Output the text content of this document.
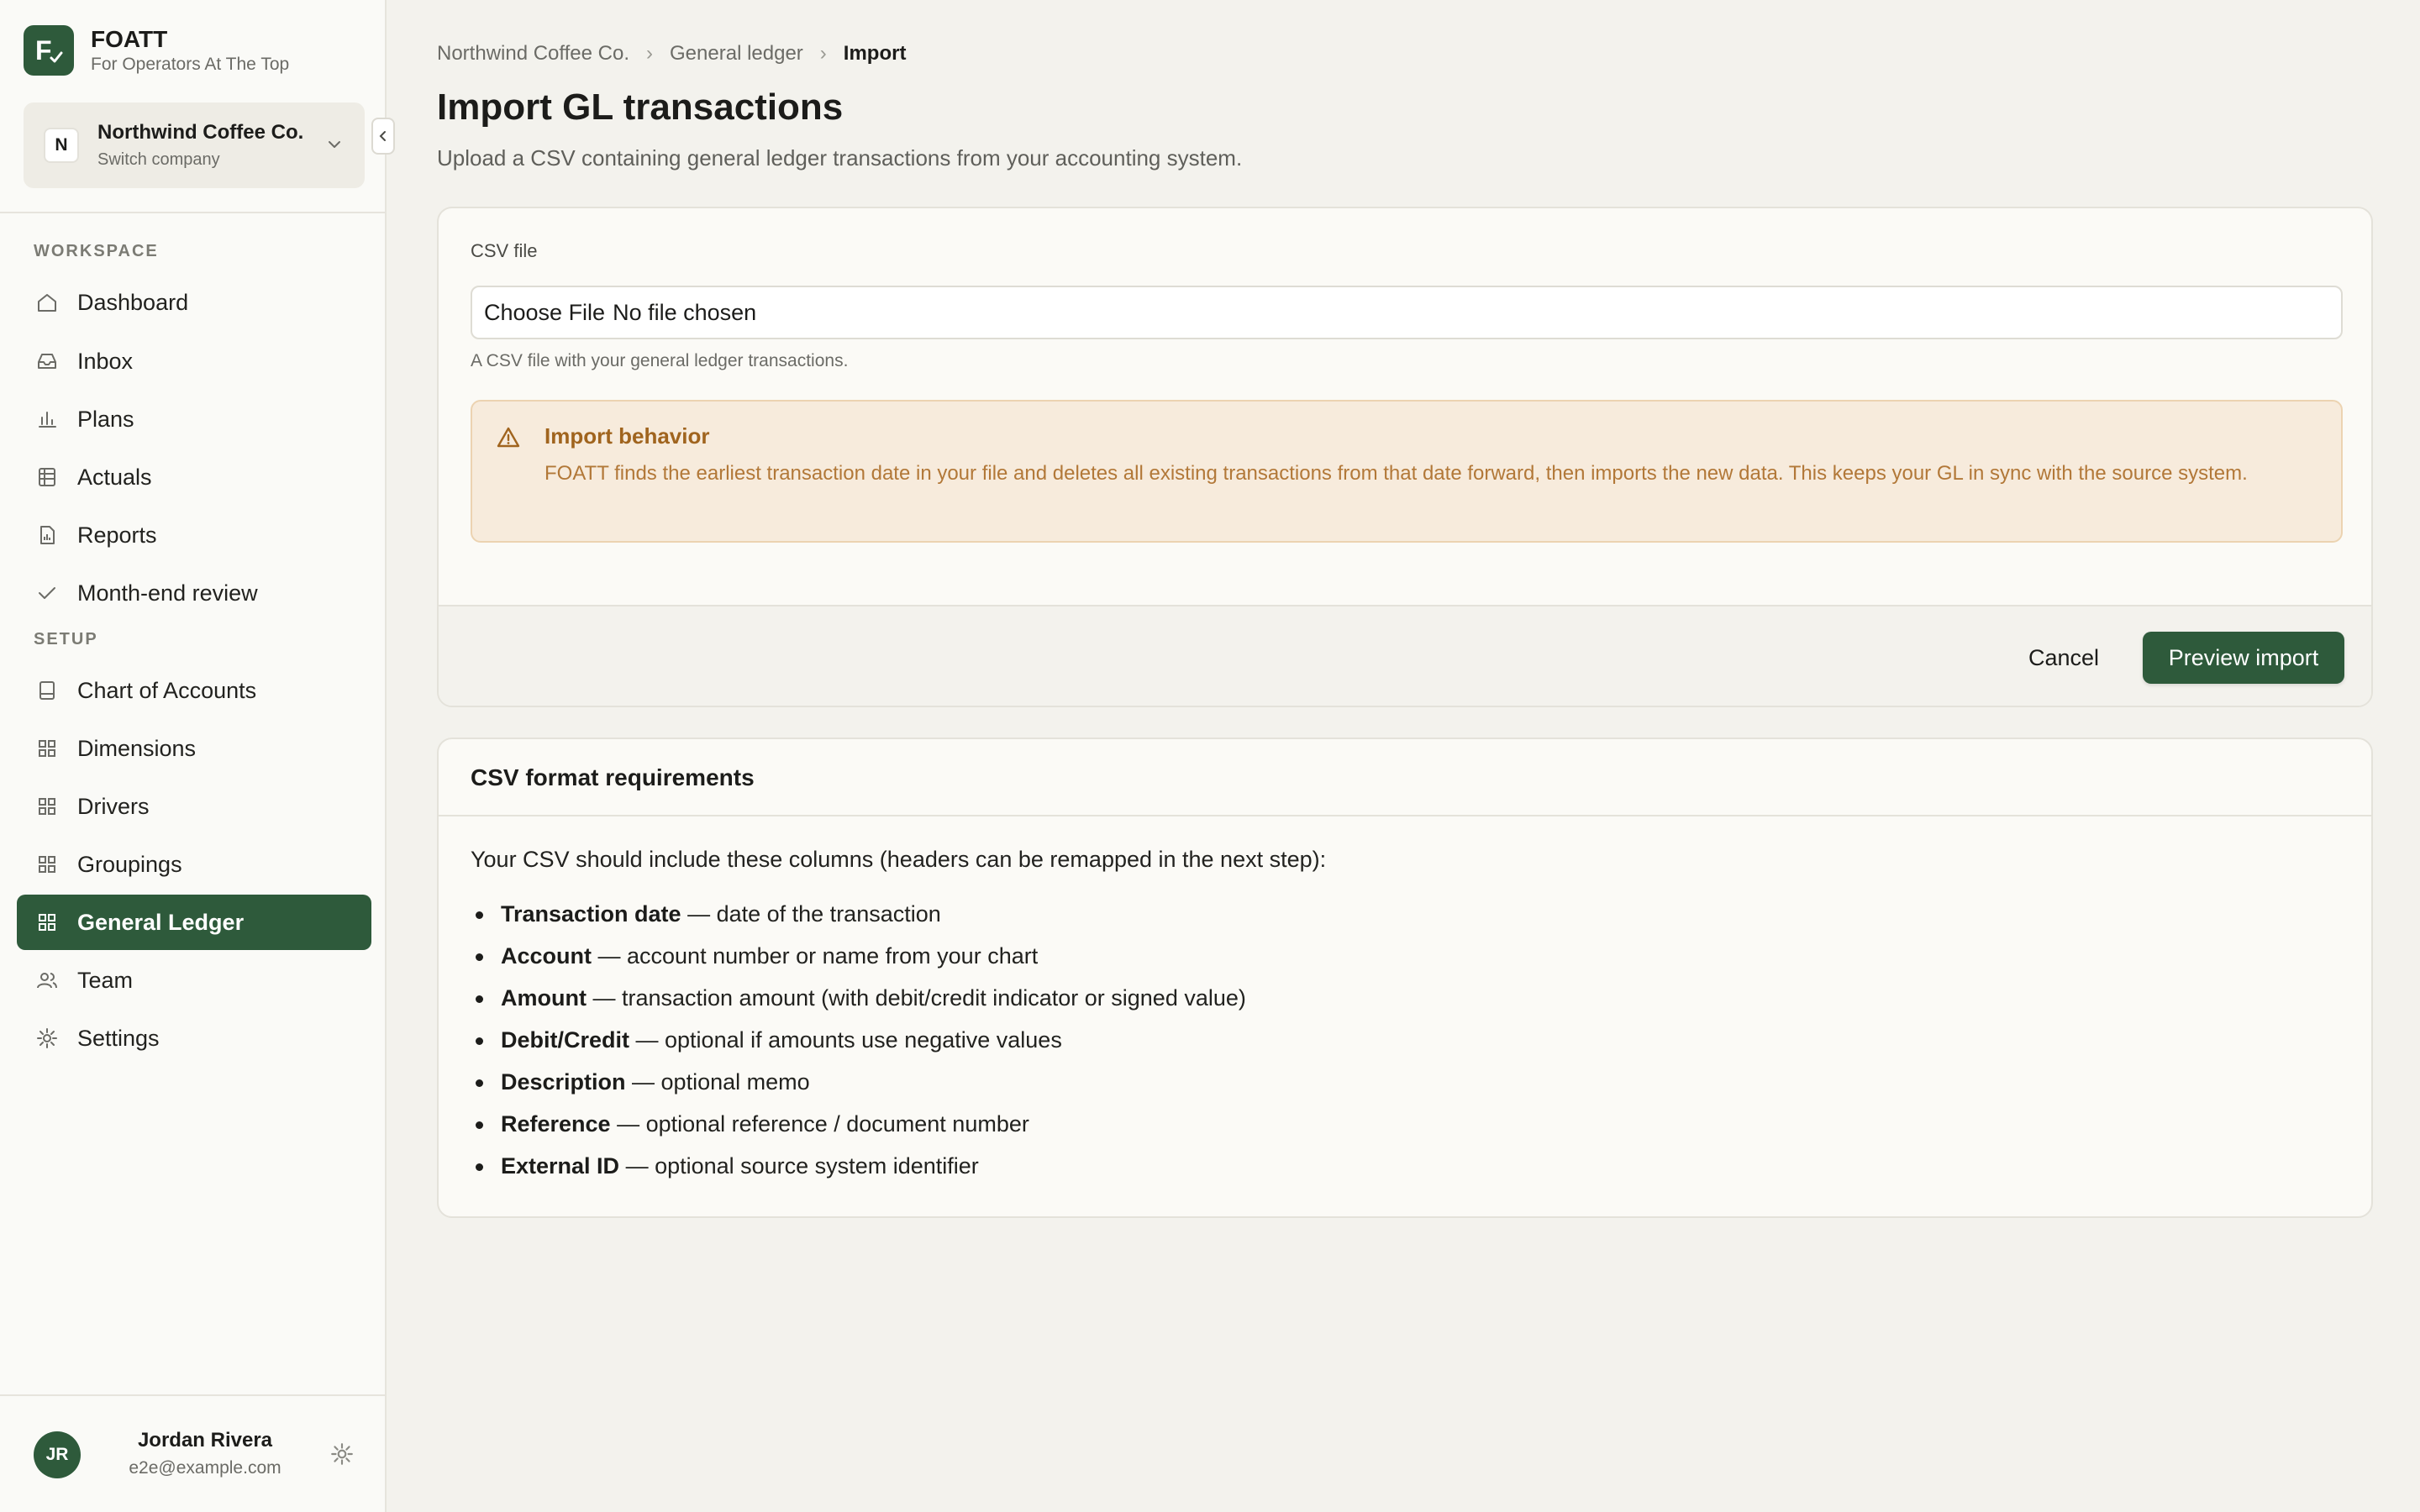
F FOATT
For Operators At The Top
N
Northwind Coffee Co.
Switch company
WORKSPACE
Dashboard
Inbox
Plans
Actuals
Reports
Month-end review
SETUP
Chart of Accounts
Dimensions
Drivers
Groupings
General Ledger
Team
Settings
JR
Jordan Rivera
e2e@example.com
Northwind Coffee Co. › General ledger › Import
Import GL transactions
Upload a CSV containing general ledger transactions from your accounting system.
CSV file
Choose File No file chosen
A CSV file with your general ledger transactions.
Import behavior
FOATT finds the earliest transaction date in your file and deletes all existing transactions from that date forward, then imports the new data. This keeps your GL in sync with the source system.
Cancel	Preview import
CSV format requirements
Your CSV should include these columns (headers can be remapped in the next step):
Transaction date — date of the transaction
Account — account number or name from your chart
Amount — transaction amount (with debit/credit indicator or signed value)
Debit/Credit — optional if amounts use negative values
Description — optional memo
Reference — optional reference / document number
External ID — optional source system identifier
